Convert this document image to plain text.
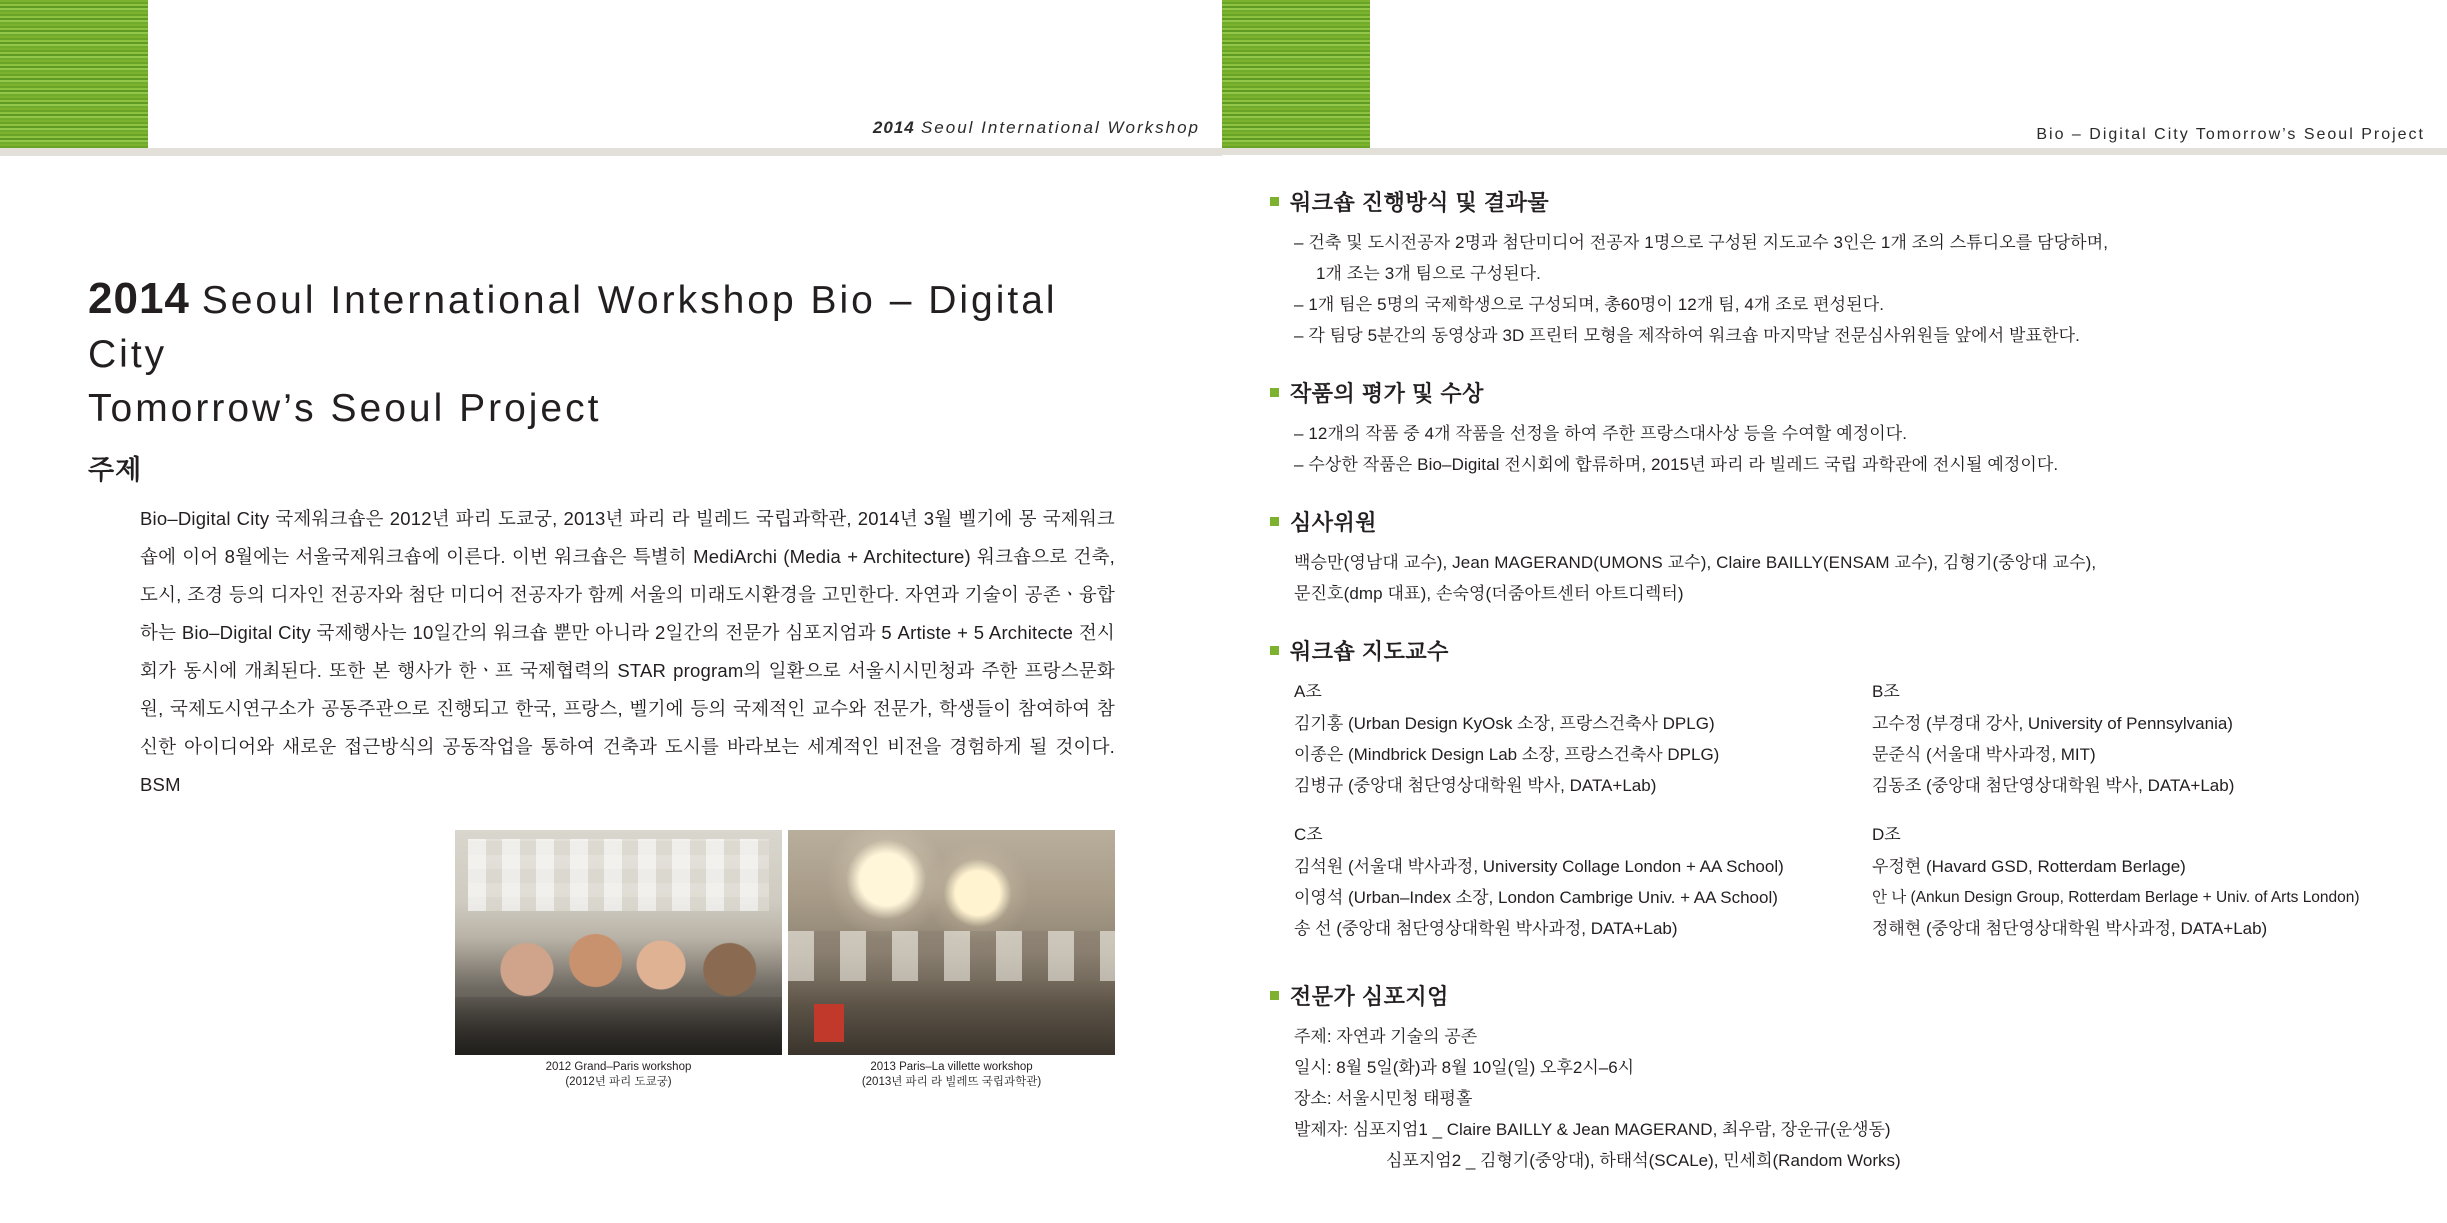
2014 Seoul International Workshop
2014 Seoul International Workshop Bio – Digital City
Tomorrow’s Seoul Project
주제
Bio–Digital City 국제워크숍은 2012년 파리 도쿄궁, 2013년 파리 라 빌레드 국립과학관, 2014년 3월 벨기에 몽 국제워크숍에 이어 8월에는 서울국제워크숍에 이른다. 이번 워크숍은 특별히 MediArchi (Media + Architecture) 워크숍으로 건축, 도시, 조경 등의 디자인 전공자와 첨단 미디어 전공자가 함께 서울의 미래도시환경을 고민한다. 자연과 기술이 공존ㆍ융합하는 Bio–Digital City 국제행사는 10일간의 워크숍 뿐만 아니라 2일간의 전문가 심포지엄과 5 Artiste + 5 Architecte 전시회가 동시에 개최된다. 또한 본 행사가 한ㆍ프 국제협력의 STAR program의 일환으로 서울시시민청과 주한 프랑스문화원, 국제도시연구소가 공동주관으로 진행되고 한국, 프랑스, 벨기에 등의 국제적인 교수와 전문가, 학생들이 참여하여 참신한 아이디어와 새로운 접근방식의 공동작업을 통하여 건축과 도시를 바라보는 세계적인 비전을 경험하게 될 것이다. BSM
2012 Grand–Paris workshop
(2012년 파리 도쿄궁)
2013 Paris–La villette workshop
(2013년 파리 라 빌레뜨 국립과학관)
Bio – Digital City Tomorrow’s Seoul Project
워크숍 진행방식 및 결과물
– 건축 및 도시전공자 2명과 첨단미디어 전공자 1명으로 구성된 지도교수 3인은 1개 조의 스튜디오를 담당하며,
1개 조는 3개 팀으로 구성된다.
– 1개 팀은 5명의 국제학생으로 구성되며, 총60명이 12개 팀, 4개 조로 편성된다.
– 각 팀당 5분간의 동영상과 3D 프린터 모형을 제작하여 워크숍 마지막날 전문심사위원들 앞에서 발표한다.
작품의 평가 및 수상
– 12개의 작품 중 4개 작품을 선정을 하여 주한 프랑스대사상 등을 수여할 예정이다.
– 수상한 작품은 Bio–Digital 전시회에 합류하며, 2015년 파리 라 빌레드 국립 과학관에 전시될 예정이다.
심사위원
백승만(영남대 교수), Jean MAGERAND(UMONS 교수), Claire BAILLY(ENSAM 교수), 김형기(중앙대 교수),
문진호(dmp 대표), 손숙영(더줌아트센터 아트디렉터)
워크숍 지도교수
A조
김기홍 (Urban Design KyOsk 소장, 프랑스건축사 DPLG)
이종은 (Mindbrick Design Lab 소장, 프랑스건축사 DPLG)
김병규 (중앙대 첨단영상대학원 박사, DATA+Lab)
B조
고수정 (부경대 강사, University of Pennsylvania)
문준식 (서울대 박사과정, MIT)
김동조 (중앙대 첨단영상대학원 박사, DATA+Lab)
C조
김석원 (서울대 박사과정, University Collage London + AA School)
이영석 (Urban–Index 소장, London Cambrige Univ. + AA School)
송 선 (중앙대 첨단영상대학원 박사과정, DATA+Lab)
D조
우정현 (Havard GSD, Rotterdam Berlage)
안 나 (Ankun Design Group, Rotterdam Berlage + Univ. of Arts London)
정해현 (중앙대 첨단영상대학원 박사과정, DATA+Lab)
전문가 심포지엄
주제: 자연과 기술의 공존
일시: 8월 5일(화)과 8월 10일(일) 오후2시–6시
장소: 서울시민청 태평홀
발제자: 심포지엄1 _ Claire BAILLY & Jean MAGERAND, 최우람, 장운규(운생동)
심포지엄2 _ 김형기(중앙대), 하태석(SCALe), 민세희(Random Works)
